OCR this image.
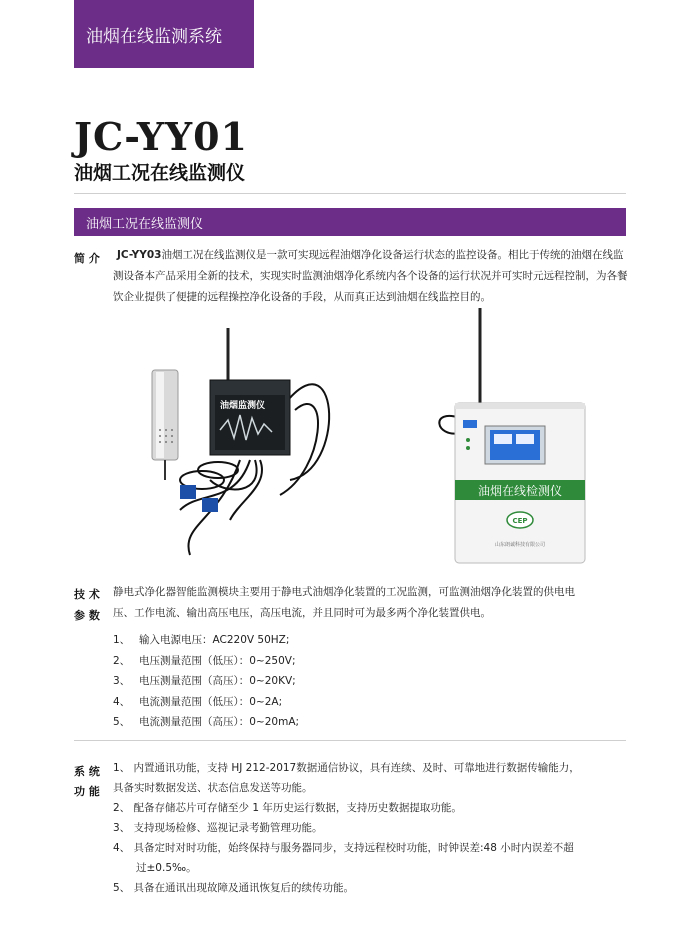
油烟在线监测系统
JC-YY01
油烟工况在线监测仪
油烟工况在线监测仪
简 介 JC-YY03油烟工况在线监测仪是一款可实现远程油烟净化设备运行状态的监控设备。相比于传统的油烟在线监
测设备本产品采用全新的技术，实现实时监测油烟净化系统内各个设备的运行状况并可实时元远程控制，为各餐
饮企业提供了便捷的远程操控净化设备的手段，从而真正达到油烟在线监控目的。
油烟监测仪
油烟在线检测仪
CEP
山东朗诚科技有限公司
技 术
参 数
静电式净化器智能监测模块主要用于静电式油烟净化装置的工况监测，可监测油烟净化装置的供电电
压、工作电流、输出高压电压，高压电流，并且同时可为最多两个净化装置供电。
1、 输入电源电压：AC220V 50HZ;
2、 电压测量范围（低压）：0~250V;
3、 电压测量范围（高压）：0~20KV;
4、 电流测量范围（低压）：0~2A;
5、 电流测量范围（高压）：0~20mA;
系 统
功 能
1、 内置通讯功能，支持 HJ 212-2017数据通信协议，具有连续、及时、可靠地进行数据传输能力，
具备实时数据发送、状态信息发送等功能。
2、 配备存储芯片可存储至少 1 年历史运行数据，支持历史数据提取功能。
3、 支持现场检修、巡视记录考勤管理功能。
4、 具备定时对时功能，始终保持与服务器同步，支持远程校时功能，时钟误差:48 小时内误差不超
过±0.5‰。
5、 具备在通讯出现故障及通讯恢复后的续传功能。
